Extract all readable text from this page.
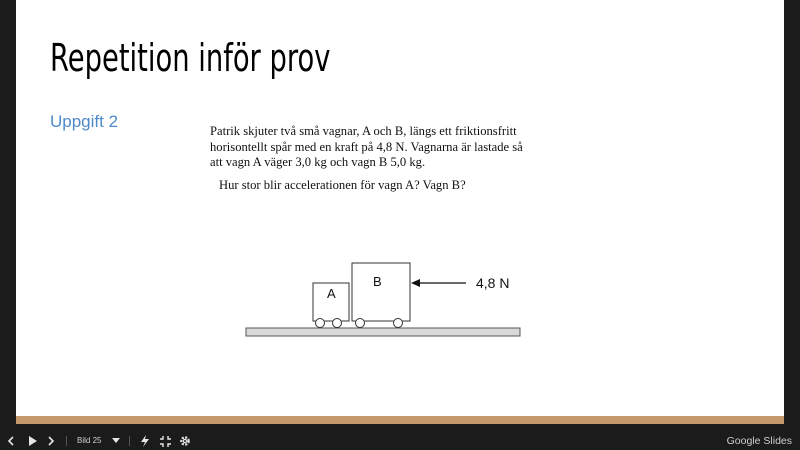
Repetition inför prov
Uppgift 2	Patrik skjuter två små vagnar, A och B, längs ett friktionsfritt

horisontellt spår med en kraft på 4,8 N. Vagnarna är lastade så

att vagn A väger 3,0 kg och vagn B 5,0 kg.

Hur stor blir accelerationen för vagn A? Vagn B?

A
B	4,8 N
Bild 25	Google Slides
